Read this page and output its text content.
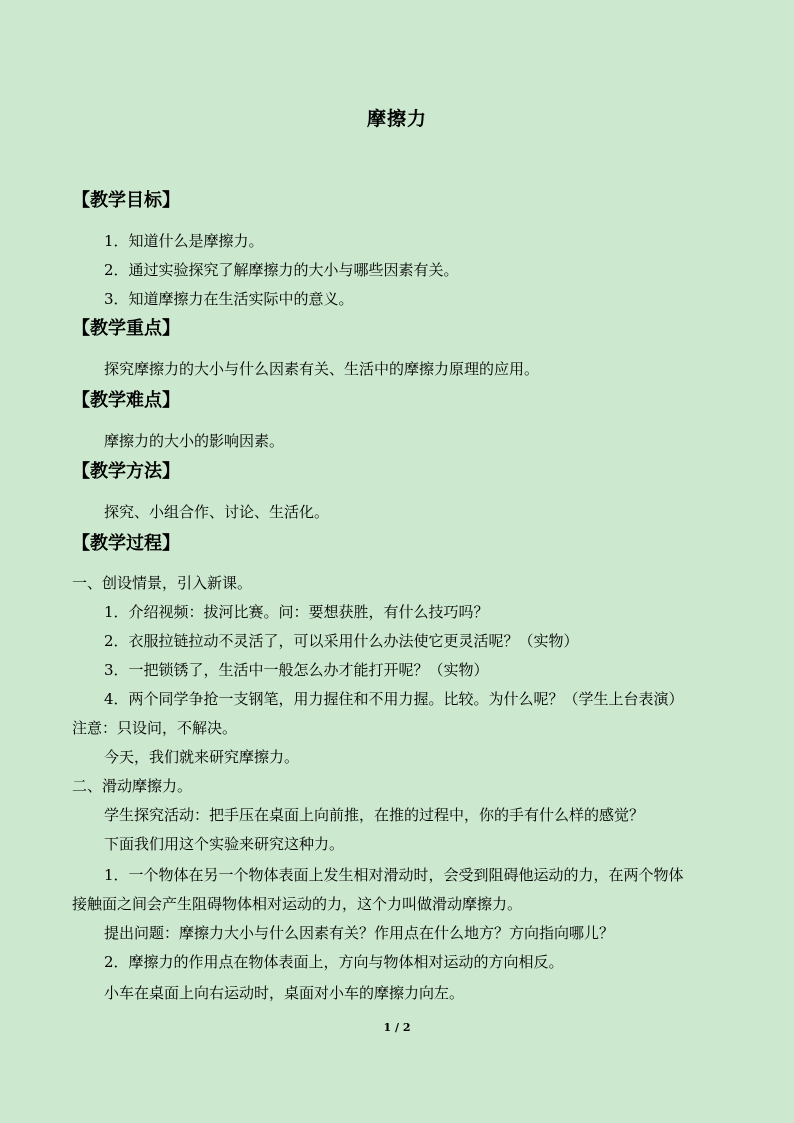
摩擦力
【教学目标】
1．知道什么是摩擦力。
2．通过实验探究了解摩擦力的大小与哪些因素有关。
3．知道摩擦力在生活实际中的意义。
【教学重点】
探究摩擦力的大小与什么因素有关、生活中的摩擦力原理的应用。
【教学难点】
摩擦力的大小的影响因素。
【教学方法】
探究、小组合作、讨论、生活化。
【教学过程】
一、创设情景，引入新课。
1．介绍视频：拔河比赛。问：要想获胜，有什么技巧吗？
2．衣服拉链拉动不灵活了，可以采用什么办法使它更灵活呢？（实物）
3．一把锁锈了，生活中一般怎么办才能打开呢？（实物）
4．两个同学争抢一支钢笔，用力握住和不用力握。比较。为什么呢？（学生上台表演）
注意：只设问，不解决。
今天，我们就来研究摩擦力。
二、滑动摩擦力。
学生探究活动：把手压在桌面上向前推，在推的过程中，你的手有什么样的感觉？
下面我们用这个实验来研究这种力。
1．一个物体在另一个物体表面上发生相对滑动时，会受到阻碍他运动的力，在两个物体
接触面之间会产生阻碍物体相对运动的力，这个力叫做滑动摩擦力。
提出问题：摩擦力大小与什么因素有关？作用点在什么地方？方向指向哪儿？
2．摩擦力的作用点在物体表面上，方向与物体相对运动的方向相反。
小车在桌面上向右运动时，桌面对小车的摩擦力向左。
1 / 2
